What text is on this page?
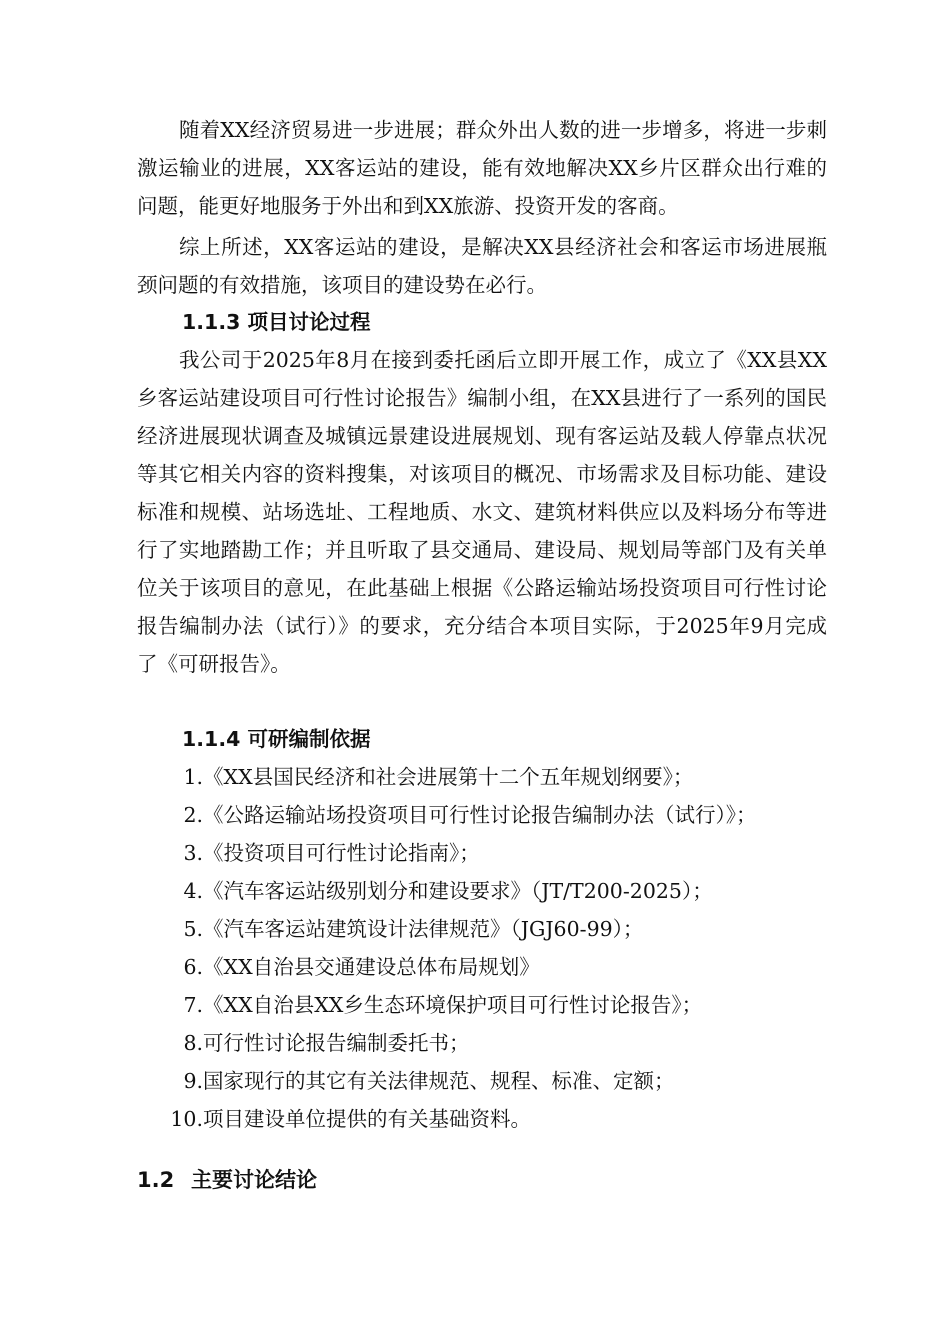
随着XX经济贸易进一步进展；群众外出人数的进一步增多，将进一步刺激运输业的进展，XX客运站的建设，能有效地解决XX乡片区群众出行难的问题，能更好地服务于外出和到XX旅游、投资开发的客商。

综上所述，XX客运站的建设，是解决XX县经济社会和客运市场进展瓶颈问题的有效措施，该项目的建设势在必行。

1.1.3 项目讨论过程

我公司于2025年8月在接到委托函后立即开展工作，成立了《XX县XX乡客运站建设项目可行性讨论报告》编制小组，在XX县进行了一系列的国民经济进展现状调查及城镇远景建设进展规划、现有客运站及载人停靠点状况等其它相关内容的资料搜集，对该项目的概况、市场需求及目标功能、建设标准和规模、站场选址、工程地质、水文、建筑材料供应以及料场分布等进行了实地踏勘工作；并且听取了县交通局、建设局、规划局等部门及有关单位关于该项目的意见，在此基础上根据《公路运输站场投资项目可行性讨论报告编制办法（试行）》的要求，充分结合本项目实际，于2025年9月完成了《可研报告》。

1.1.4 可研编制依据

1.《XX县国民经济和社会进展第十二个五年规划纲要》；
2.《公路运输站场投资项目可行性讨论报告编制办法（试行）》；
3.《投资项目可行性讨论指南》；
4.《汽车客运站级别划分和建设要求》（JT/T200-2025）；
5.《汽车客运站建筑设计法律规范》（JGJ60-99）；
6.《XX自治县交通建设总体布局规划》
7.《XX自治县XX乡生态环境保护项目可行性讨论报告》；
8.可行性讨论报告编制委托书；
9.国家现行的其它有关法律规范、规程、标准、定额；
10.项目建设单位提供的有关基础资料。

1.2 主要讨论结论
